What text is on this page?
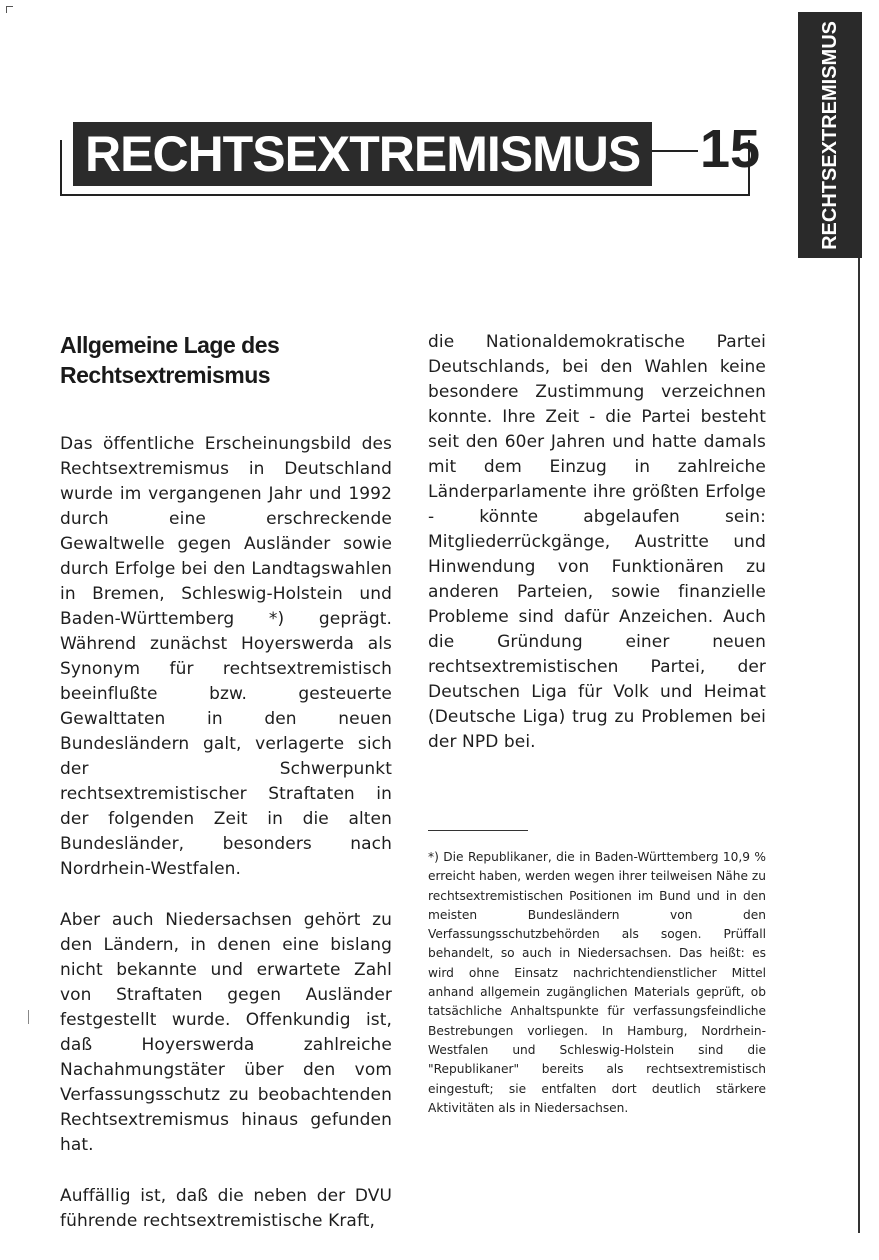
RECHTSEXTREMISMUS
RECHTSEXTREMISMUS 15
Allgemeine Lage des Rechtsextremismus

Das öffentliche Erscheinungsbild des Rechtsextremismus in Deutschland wurde im vergangenen Jahr und 1992 durch eine erschreckende Gewaltwelle gegen Ausländer sowie durch Erfolge bei den Landtagswahlen in Bremen, Schleswig-Holstein und Baden-Württemberg *) geprägt. Während zunächst Hoyerswerda als Synonym für rechtsextremistisch beeinflußte bzw. gesteuerte Gewalttaten in den neuen Bundesländern galt, verlagerte sich der Schwerpunkt rechtsextremistischer Straftaten in der folgenden Zeit in die alten Bundesländer, besonders nach Nordrhein-Westfalen.

Aber auch Niedersachsen gehört zu den Ländern, in denen eine bislang nicht bekannte und erwartete Zahl von Straftaten gegen Ausländer festgestellt wurde. Offenkundig ist, daß Hoyerswerda zahlreiche Nachahmungstäter über den vom Verfassungsschutz zu beobachtenden Rechtsextremismus hinaus gefunden hat.

Auffällig ist, daß die neben der DVU führende rechtsextremistische Kraft,

die Nationaldemokratische Partei Deutschlands, bei den Wahlen keine besondere Zustimmung verzeichnen konnte. Ihre Zeit - die Partei besteht seit den 60er Jahren und hatte damals mit dem Einzug in zahlreiche Länderparlamente ihre größten Erfolge - könnte abgelaufen sein: Mitgliederrückgänge, Austritte und Hinwendung von Funktionären zu anderen Parteien, sowie finanzielle Probleme sind dafür Anzeichen. Auch die Gründung einer neuen rechtsextremistischen Partei, der Deutschen Liga für Volk und Heimat (Deutsche Liga) trug zu Problemen bei der NPD bei.

*) Die Republikaner, die in Baden-Württemberg 10,9 % erreicht haben, werden wegen ihrer teilweisen Nähe zu rechtsextremistischen Positionen im Bund und in den meisten Bundesländern von den Verfassungsschutzbehörden als sogen. Prüffall behandelt, so auch in Niedersachsen. Das heißt: es wird ohne Einsatz nachrichtendienstlicher Mittel anhand allgemein zugänglichen Materials geprüft, ob tatsächliche Anhaltspunkte für verfassungsfeindliche Bestrebungen vorliegen. In Hamburg, Nordrhein-Westfalen und Schleswig-Holstein sind die "Republikaner" bereits als rechtsextremistisch eingestuft; sie entfalten dort deutlich stärkere Aktivitäten als in Niedersachsen.
